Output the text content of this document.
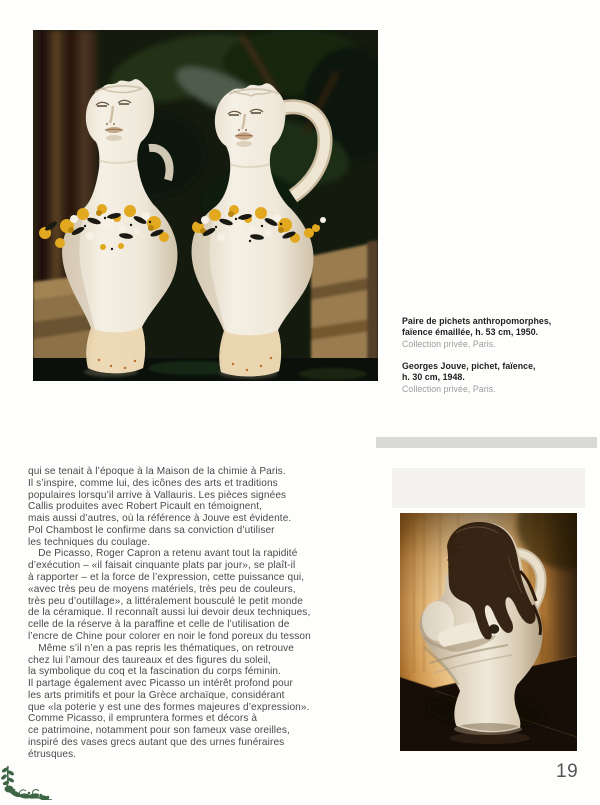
Paire de pichets anthropomorphes,
faïence émaillée, h. 53 cm, 1950.
Collection privée, Paris.
Georges Jouve, pichet, faïence,
h. 30 cm, 1948.
Collection privée, Paris.
qui se tenait à l’époque à la Maison de la chimie à Paris.
Il s’inspire, comme lui, des icônes des arts et traditions
populaires lorsqu’il arrive à Vallauris. Les pièces signées
Callis produites avec Robert Picault en témoignent,
mais aussi d’autres, où la référence à Jouve est évidente.
Pol Chambost le confirme dans sa conviction d’utiliser
les techniques du coulage.
 De Picasso, Roger Capron a retenu avant tout la rapidité
d’exécution – «il faisait cinquante plats par jour», se plaît-il
à rapporter – et la force de l’expression, cette puissance qui,
«avec très peu de moyens matériels, très peu de couleurs,
très peu d’outillage», a littéralement bousculé le petit monde
de la céramique. Il reconnaît aussi lui devoir deux techniques,
celle de la réserve à la paraffine et celle de l’utilisation de
l’encre de Chine pour colorer en noir le fond poreux du tesson
 Même s’il n’en a pas repris les thématiques, on retrouve
chez lui l’amour des taureaux et des figures du soleil,
la symbolique du coq et la fascination du corps féminin.
Il partage également avec Picasso un intérêt profond pour
les arts primitifs et pour la Grèce archaïque, considérant
que «la poterie y est une des formes majeures d’expression».
Comme Picasso, il empruntera formes et décors à
ce patrimoine, notamment pour son fameux vase oreilles,
inspiré des vases grecs autant que des urnes funéraires
étrusques.
19
